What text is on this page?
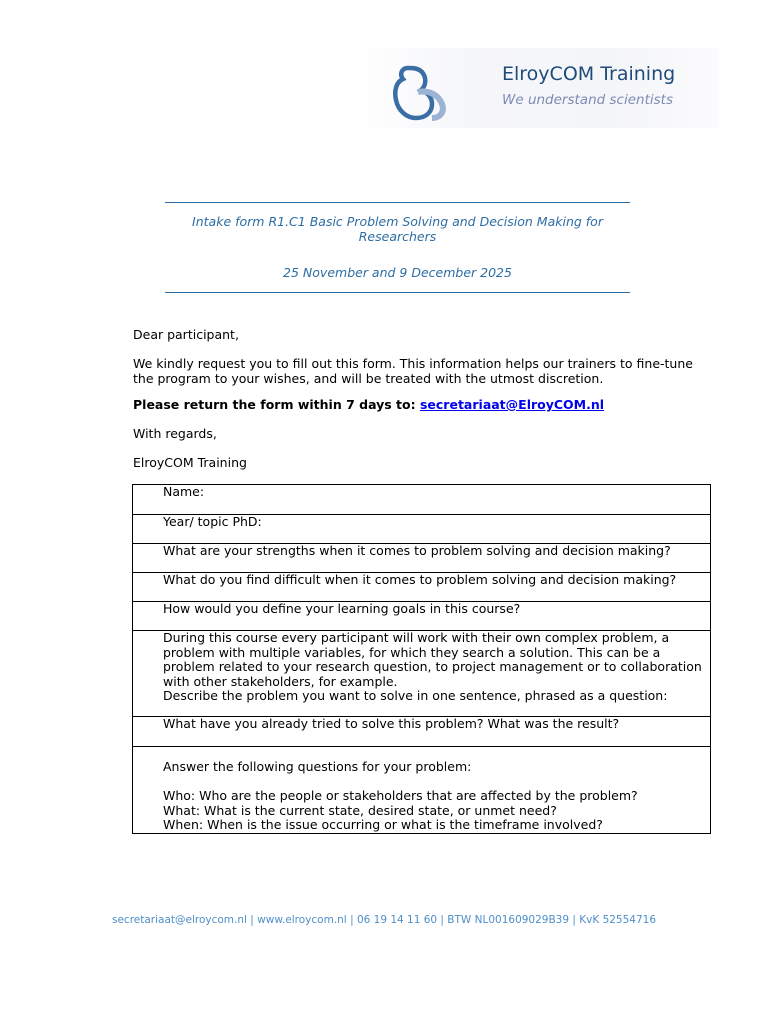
ElroyCOM Training
We understand scientists
Intake form R1.C1 Basic Problem Solving and Decision Making for Researchers
25 November and 9 December 2025

Dear participant,

We kindly request you to fill out this form. This information helps our trainers to fine-tune the program to your wishes, and will be treated with the utmost discretion.

Please return the form within 7 days to: secretariaat@ElroyCOM.nl

With regards,

ElroyCOM Training

Name:
Year/ topic PhD:
What are your strengths when it comes to problem solving and decision making?
What do you find difficult when it comes to problem solving and decision making?
How would you define your learning goals in this course?
During this course every participant will work with their own complex problem, a problem with multiple variables, for which they search a solution. This can be a problem related to your research question, to project management or to collaboration with other stakeholders, for example.
Describe the problem you want to solve in one sentence, phrased as a question:
What have you already tried to solve this problem? What was the result?
Answer the following questions for your problem:

Who: Who are the people or stakeholders that are affected by the problem?
What: What is the current state, desired state, or unmet need?
When: When is the issue occurring or what is the timeframe involved?
secretariaat@elroycom.nl | www.elroycom.nl | 06 19 14 11 60 | BTW NL001609029B39 | KvK 52554716
